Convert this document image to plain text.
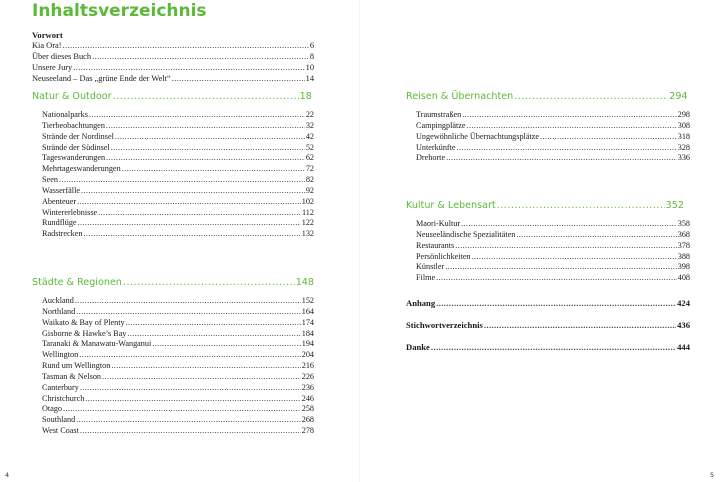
Inhaltsverzeichnis
Vorwort
Kia Ora! .....	6
Über dieses Buch .....	8
Unsere Jury .....	10
Neuseeland – Das „grüne Ende der Welt“ .....	14
Natur & Outdoor .....	18
Nationalparks .....	22
Tierbeobachtungen .....	32
Strände der Nordinsel .....	42
Strände der Südinsel .....	52
Tageswanderungen .....	62
Mehrtageswanderungen .....	72
Seen .....	82
Wasserfälle .....	92
Abenteuer .....	102
Wintererlebnisse .....	112
Rundflüge .....	122
Radstrecken .....	132
Städte & Regionen .....	148
Auckland .....	152
Northland .....	164
Waikato & Bay of Plenty .....	174
Gisborne & Hawke’s Bay .....	184
Taranaki & Manawatu-Wanganui .....	194
Wellington .....	204
Rund um Wellington .....	216
Tasman & Nelson .....	226
Canterbury .....	236
Christchurch .....	246
Otago .....	258
Southland .....	268
West Coast .....	278
Reisen & Übernachten .....	294
Traumstraßen .....	298
Campingplätze .....	308
Ungewöhnliche Übernachtungsplätze .....	318
Unterkünfte .....	328
Drehorte .....	336
Kultur & Lebensart .....	352
Maori-Kultur .....	358
Neuseeländische Spezialitäten .....	368
Restaurants .....	378
Persönlichkeiten .....	388
Künstler .....	398
Filme .....	408
Anhang .....	424
Stichwortverzeichnis .....	436
Danke .....	444
4	5
